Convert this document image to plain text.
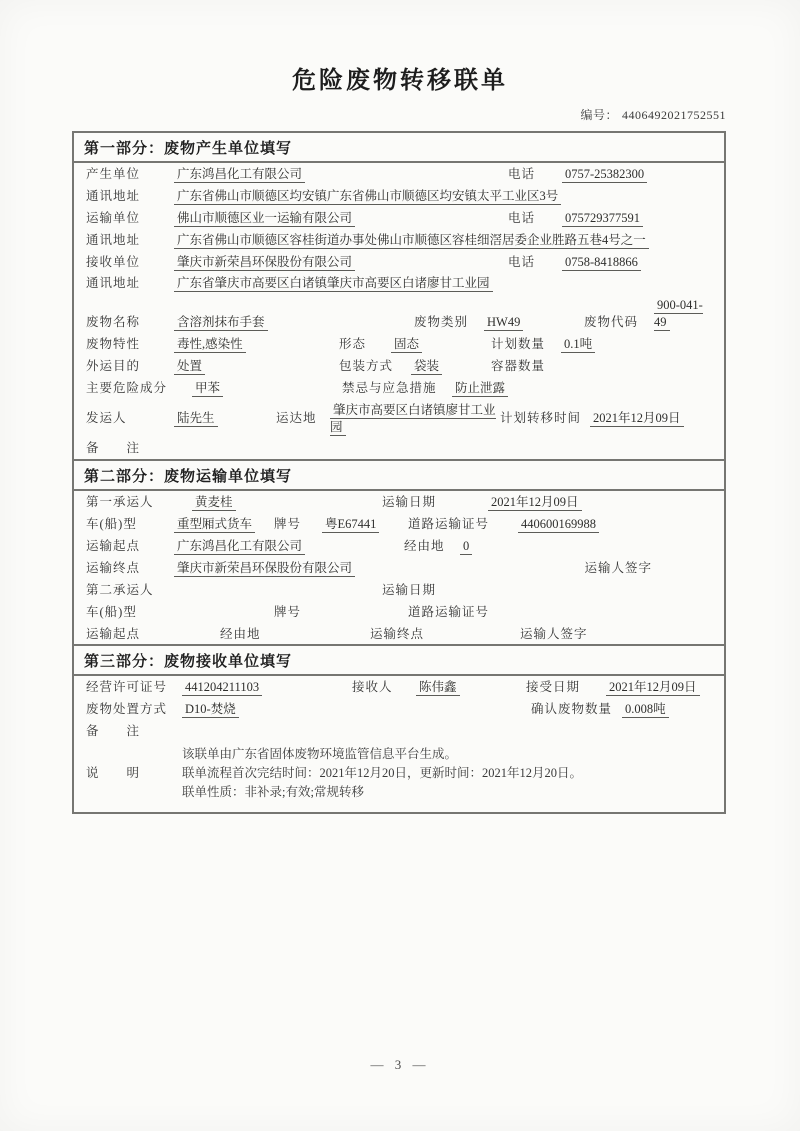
危险废物转移联单
编号： 4406492021752551
第一部分：废物产生单位填写
产生单位	广东鸿昌化工有限公司	电话	0757-25382300
通讯地址	广东省佛山市顺德区均安镇广东省佛山市顺德区均安镇太平工业区3号
运输单位	佛山市顺德区业一运输有限公司	电话	075729377591
通讯地址	广东省佛山市顺德区容桂街道办事处佛山市顺德区容桂细滘居委企业胜路五巷4号之一
接收单位	肇庆市新荣昌环保股份有限公司	电话	0758-8418866
通讯地址	广东省肇庆市高要区白诸镇肇庆市高要区白诸廖甘工业园
废物名称	含溶剂抹布手套	废物类别	HW49	废物代码
900-041-49
废物特性	毒性,感染性	形态	固态	计划数量	0.1吨
外运目的	处置	包装方式	袋装	容器数量
主要危险成分	甲苯	禁忌与应急措施	防止泄露
发运人	陆先生	运达地
肇庆市高要区白诸镇廖甘工业园
计划转移时间 2021年12月09日
备　　注
第二部分：废物运输单位填写
第一承运人	黄麦桂	运输日期	2021年12月09日
车(船)型	重型厢式货车	牌号	粤E67441	道路运输证号	440600169988
运输起点	广东鸿昌化工有限公司	经由地	0
运输终点	肇庆市新荣昌环保股份有限公司	运输人签字
第二承运人	运输日期
车(船)型	牌号	道路运输证号
运输起点	经由地	运输终点	运输人签字
第三部分：废物接收单位填写
经营许可证号	441204211103	接收人	陈伟鑫	接受日期	2021年12月09日
废物处置方式	D10-焚烧	确认废物数量 0.008吨
备　　注
说　　明
该联单由广东省固体废物环境监管信息平台生成。
联单流程首次完结时间：2021年12月20日，更新时间：2021年12月20日。
联单性质：非补录;有效;常规转移
— 3 —
